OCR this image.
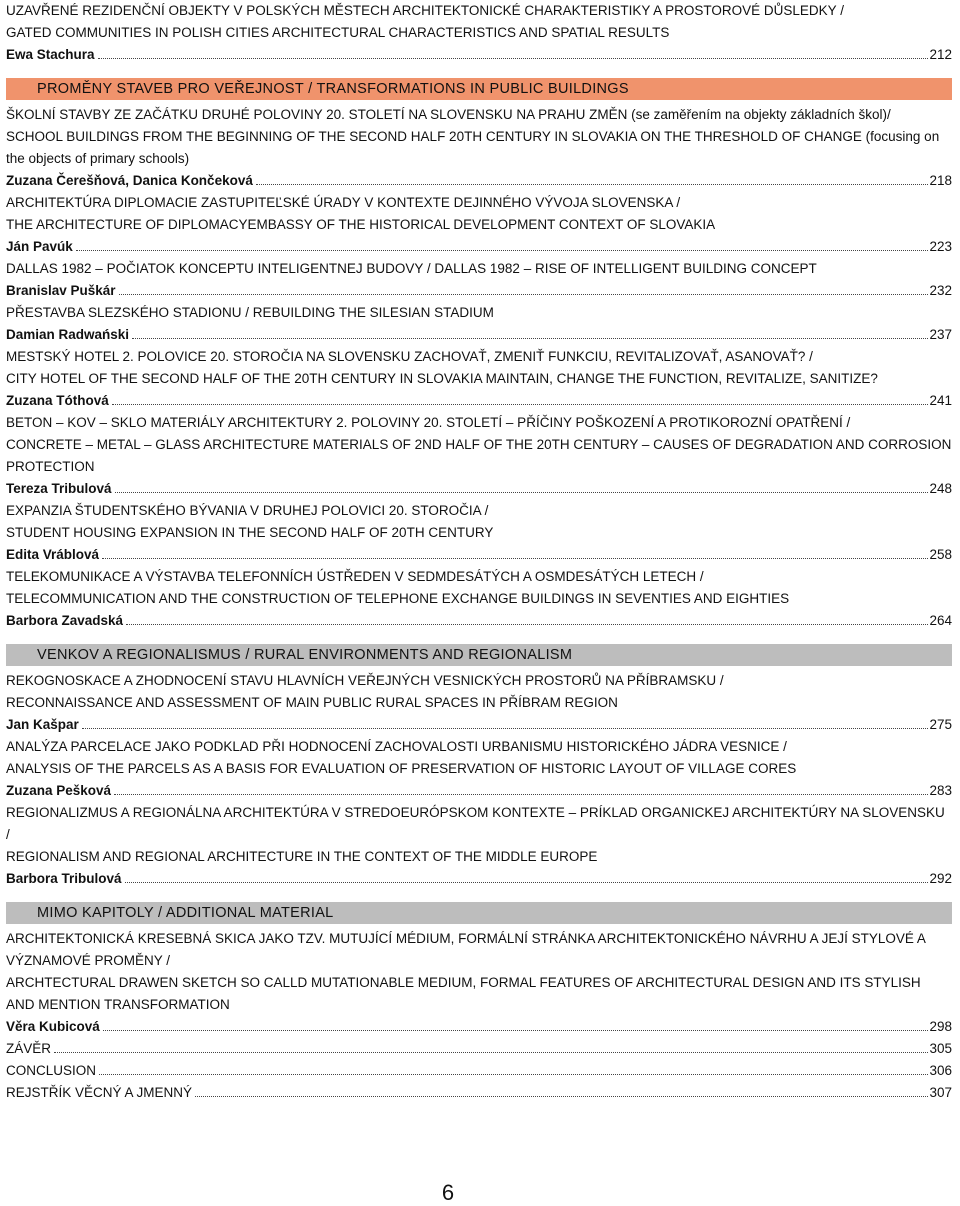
UZAVŘENÉ REZIDENČNÍ OBJEKTY V POLSKÝCH MĚSTECH ARCHITEKTONICKÉ CHARAKTERISTIKY A PROSTOROVÉ DŮSLEDKY /

GATED COMMUNITIES IN POLISH CITIES ARCHITECTURAL CHARACTERISTICS AND SPATIAL RESULTS

Ewa Stachura	212
PROMĚNY STAVEB PRO VEŘEJNOST / TRANSFORMATIONS IN PUBLIC BUILDINGS

ŠKOLNÍ STAVBY ZE ZAČÁTKU DRUHÉ POLOVINY 20. STOLETÍ NA SLOVENSKU NA PRAHU ZMĚN (se zaměřením na objekty základních škol)/

SCHOOL BUILDINGS FROM THE BEGINNING OF THE SECOND HALF 20TH CENTURY IN SLOVAKIA ON THE THRESHOLD OF CHANGE (focusing on the objects of primary schools)

Zuzana Čerešňová, Danica Končeková	218

ARCHITEKTÚRA DIPLOMACIE ZASTUPITEĽSKÉ ÚRADY V KONTEXTE DEJINNÉHO VÝVOJA SLOVENSKA /

THE ARCHITECTURE OF DIPLOMACYEMBASSY OF THE HISTORICAL DEVELOPMENT CONTEXT OF SLOVAKIA

Ján Pavúk	223

DALLAS 1982 – POČIATOK KONCEPTU INTELIGENTNEJ BUDOVY / DALLAS 1982 – RISE OF INTELLIGENT BUILDING CONCEPT

Branislav Puškár	232

PŘESTAVBA SLEZSKÉHO STADIONU / REBUILDING THE SILESIAN STADIUM

Damian Radwański	237

MESTSKÝ HOTEL 2. POLOVICE 20. STOROČIA NA SLOVENSKU ZACHOVAŤ, ZMENIŤ FUNKCIU, REVITALIZOVAŤ, ASANOVAŤ? /

CITY HOTEL OF THE SECOND HALF OF THE 20TH CENTURY IN SLOVAKIA MAINTAIN, CHANGE THE FUNCTION, REVITALIZE, SANITIZE?

Zuzana Tóthová	241

BETON – KOV – SKLO MATERIÁLY ARCHITEKTURY 2. POLOVINY 20. STOLETÍ – PŘÍČINY POŠKOZENÍ A PROTIKOROZNÍ OPATŘENÍ /

CONCRETE – METAL – GLASS ARCHITECTURE MATERIALS OF 2ND HALF OF THE 20TH CENTURY – CAUSES OF DEGRADATION AND CORROSION PROTECTION

Tereza Tribulová	248

EXPANZIA ŠTUDENTSKÉHO BÝVANIA V DRUHEJ POLOVICI 20. STOROČIA /

STUDENT HOUSING EXPANSION IN THE SECOND HALF OF 20TH CENTURY

Edita Vráblová	258

TELEKOMUNIKACE A VÝSTAVBA TELEFONNÍCH ÚSTŘEDEN V SEDMDESÁTÝCH A OSMDESÁTÝCH LETECH /

TELECOMMUNICATION AND THE CONSTRUCTION OF TELEPHONE EXCHANGE BUILDINGS IN SEVENTIES AND EIGHTIES

Barbora Zavadská	264
VENKOV A REGIONALISMUS / RURAL ENVIRONMENTS AND REGIONALISM

REKOGNOSKACE A ZHODNOCENÍ STAVU HLAVNÍCH VEŘEJNÝCH VESNICKÝCH PROSTORŮ NA PŘÍBRAMSKU /

RECONNAISSANCE AND ASSESSMENT OF MAIN PUBLIC RURAL SPACES IN PŘÍBRAM REGION

Jan Kašpar	275

ANALÝZA PARCELACE JAKO PODKLAD PŘI HODNOCENÍ ZACHOVALOSTI URBANISMU HISTORICKÉHO JÁDRA VESNICE /

ANALYSIS OF THE PARCELS AS A BASIS FOR EVALUATION OF PRESERVATION OF HISTORIC LAYOUT OF VILLAGE CORES

Zuzana Pešková	283

REGIONALIZMUS A REGIONÁLNA ARCHITEKTÚRA V STREDOEURÓPSKOM KONTEXTE – PRÍKLAD ORGANICKEJ ARCHITEKTÚRY NA SLOVENSKU /

REGIONALISM AND REGIONAL ARCHITECTURE IN THE CONTEXT OF THE MIDDLE EUROPE

Barbora Tribulová	292
MIMO KAPITOLY / ADDITIONAL MATERIAL

ARCHITEKTONICKÁ KRESEBNÁ SKICA JAKO TZV. MUTUJÍCÍ MÉDIUM, FORMÁLNÍ STRÁNKA ARCHITEKTONICKÉHO NÁVRHU A JEJÍ STYLOVÉ A VÝZNAMOVÉ PROMĚNY /

ARCHTECTURAL DRAWEN SKETCH SO CALLD MUTATIONABLE MEDIUM, FORMAL FEATURES OF ARCHITECTURAL DESIGN AND ITS STYLISH AND MENTION TRANSFORMATION

Věra Kubicová	298
ZÁVĚR	305
CONCLUSION	306
REJSTŘÍK VĚCNÝ A JMENNÝ	307
6
